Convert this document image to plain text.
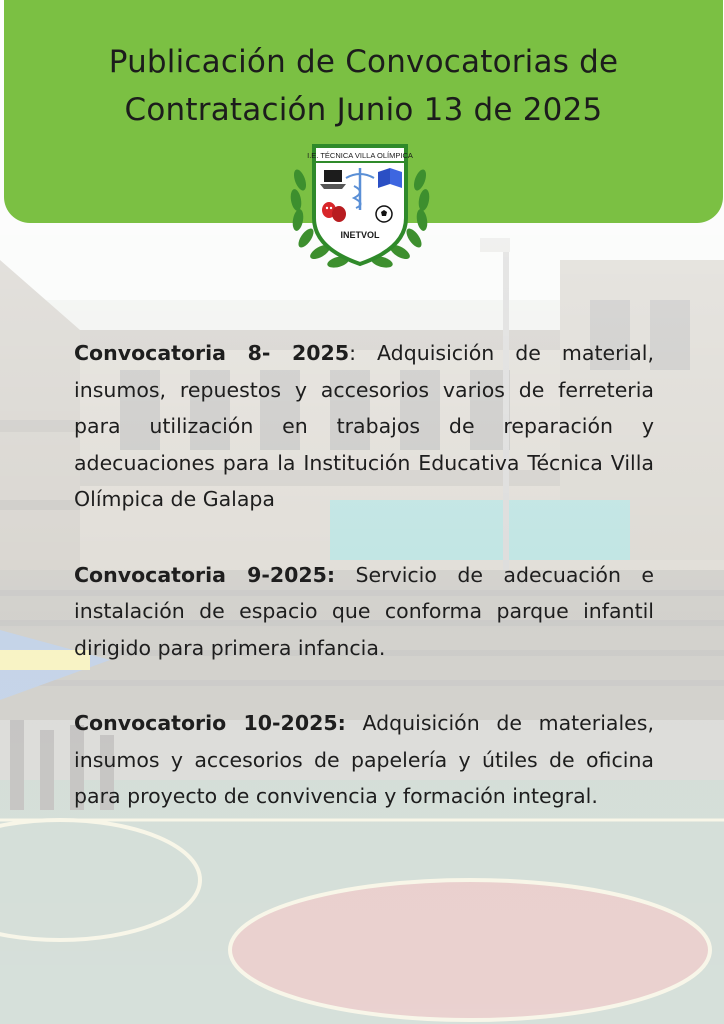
Publicación de Convocatorias de
Contratación Junio 13 de 2025
I.E. TÉCNICA VILLA OLÍMPICA
INETVOL

Convocatoria 8- 2025: Adquisición de material, insumos, repuestos y accesorios varios de ferreteria para utilización en trabajos de reparación y adecuaciones para la Institución Educativa Técnica Villa Olímpica de Galapa

Convocatoria 9-2025: Servicio de adecuación e instalación de espacio que conforma parque infantil dirigido para primera infancia.

Convocatorio 10-2025: Adquisición de materiales, insumos y accesorios de papelería y útiles de oficina para proyecto de convivencia y formación integral.
